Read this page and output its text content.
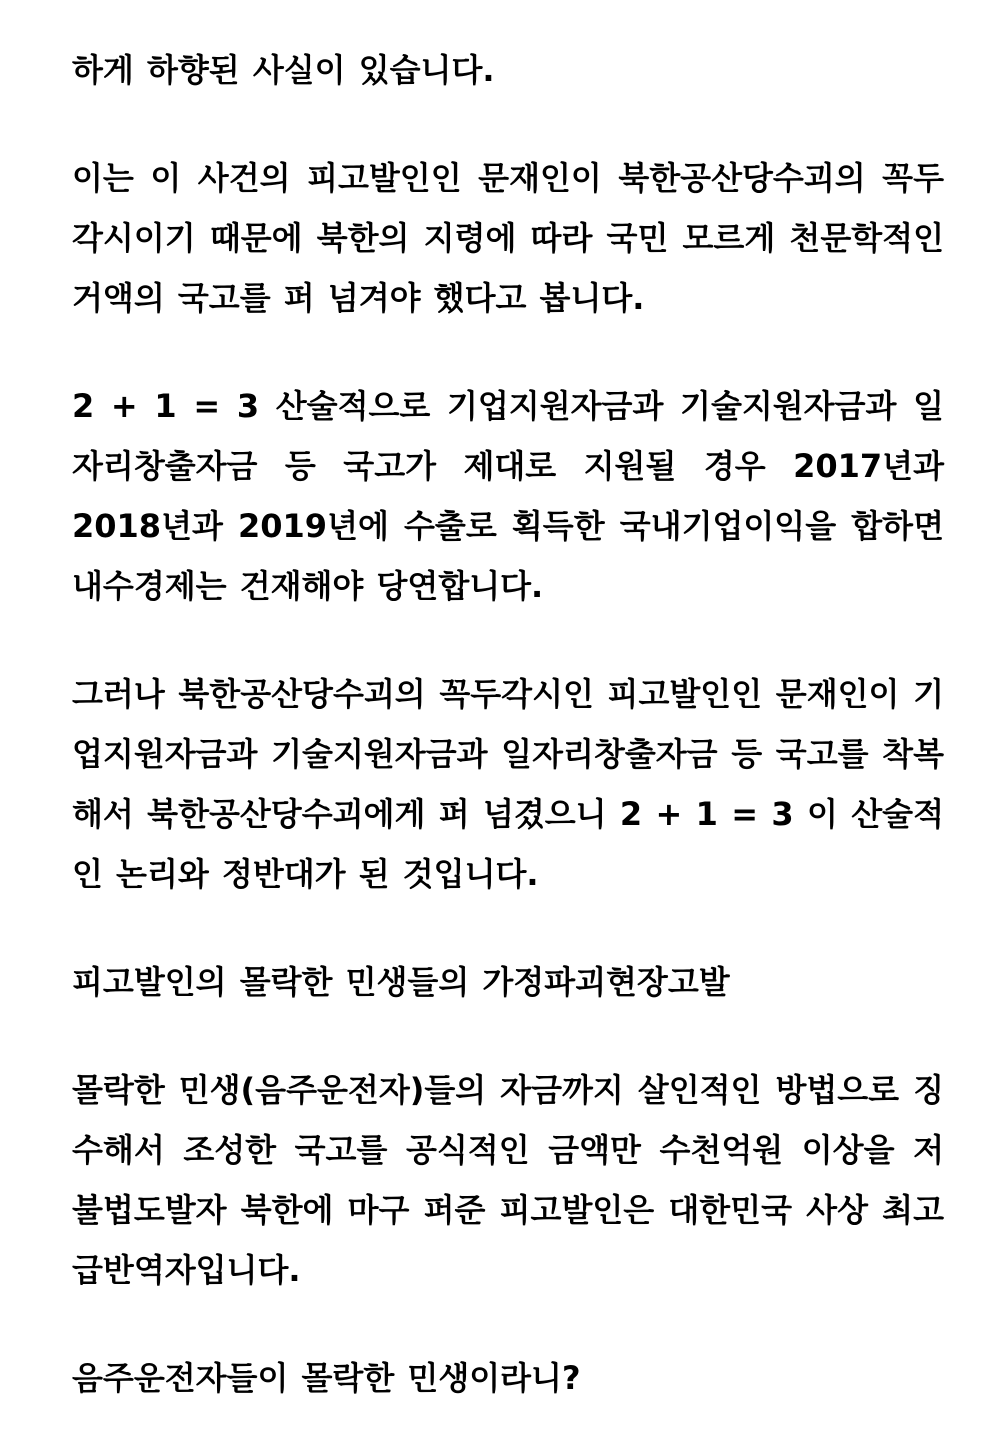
하게 하향된 사실이 있습니다.

이는 이 사건의 피고발인인 문재인이 북한공산당수괴의 꼭두각시이기 때문에 북한의 지령에 따라 국민 모르게 천문학적인 거액의 국고를 퍼 넘겨야 했다고 봅니다.

2 + 1 = 3 산술적으로 기업지원자금과 기술지원자금과 일자리창출자금 등 국고가 제대로 지원될 경우 2017년과 2018년과 2019년에 수출로 획득한 국내기업이익을 합하면 내수경제는 건재해야 당연합니다.

그러나 북한공산당수괴의 꼭두각시인 피고발인인 문재인이 기업지원자금과 기술지원자금과 일자리창출자금 등 국고를 착복해서 북한공산당수괴에게 퍼 넘겼으니 2 + 1 = 3 이 산술적인 논리와 정반대가 된 것입니다.

피고발인의 몰락한 민생들의 가정파괴현장고발

몰락한 민생(음주운전자)들의 자금까지 살인적인 방법으로 징수해서 조성한 국고를 공식적인 금액만 수천억원 이상을 저 불법도발자 북한에 마구 퍼준 피고발인은 대한민국 사상 최고급반역자입니다.

음주운전자들이 몰락한 민생이라니?
